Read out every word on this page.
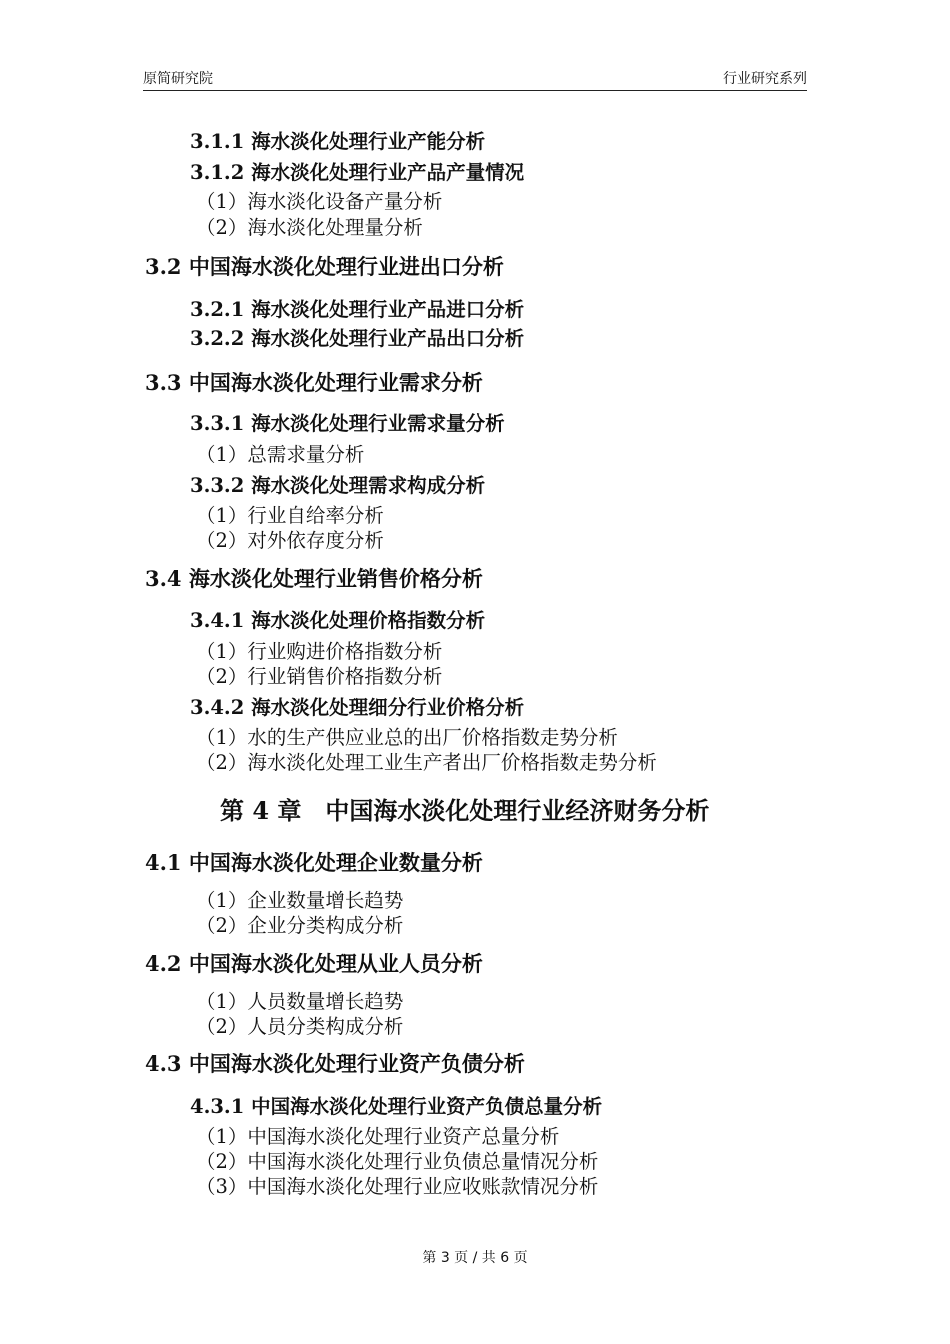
原简研究院	行业研究系列
3.1.1 海水淡化处理行业产能分析
3.1.2 海水淡化处理行业产品产量情况
（1）海水淡化设备产量分析
（2）海水淡化处理量分析
3.2 中国海水淡化处理行业进出口分析
3.2.1 海水淡化处理行业产品进口分析
3.2.2 海水淡化处理行业产品出口分析
3.3 中国海水淡化处理行业需求分析
3.3.1 海水淡化处理行业需求量分析
（1）总需求量分析
3.3.2 海水淡化处理需求构成分析
（1）行业自给率分析
（2）对外依存度分析
3.4 海水淡化处理行业销售价格分析
3.4.1 海水淡化处理价格指数分析
（1）行业购进价格指数分析
（2）行业销售价格指数分析
3.4.2 海水淡化处理细分行业价格分析
（1）水的生产供应业总的出厂价格指数走势分析
（2）海水淡化处理工业生产者出厂价格指数走势分析
第 4 章　中国海水淡化处理行业经济财务分析
4.1 中国海水淡化处理企业数量分析
（1）企业数量增长趋势
（2）企业分类构成分析
4.2 中国海水淡化处理从业人员分析
（1）人员数量增长趋势
（2）人员分类构成分析
4.3 中国海水淡化处理行业资产负债分析
4.3.1 中国海水淡化处理行业资产负债总量分析
（1）中国海水淡化处理行业资产总量分析
（2）中国海水淡化处理行业负债总量情况分析
（3）中国海水淡化处理行业应收账款情况分析
第 3 页 / 共 6 页
